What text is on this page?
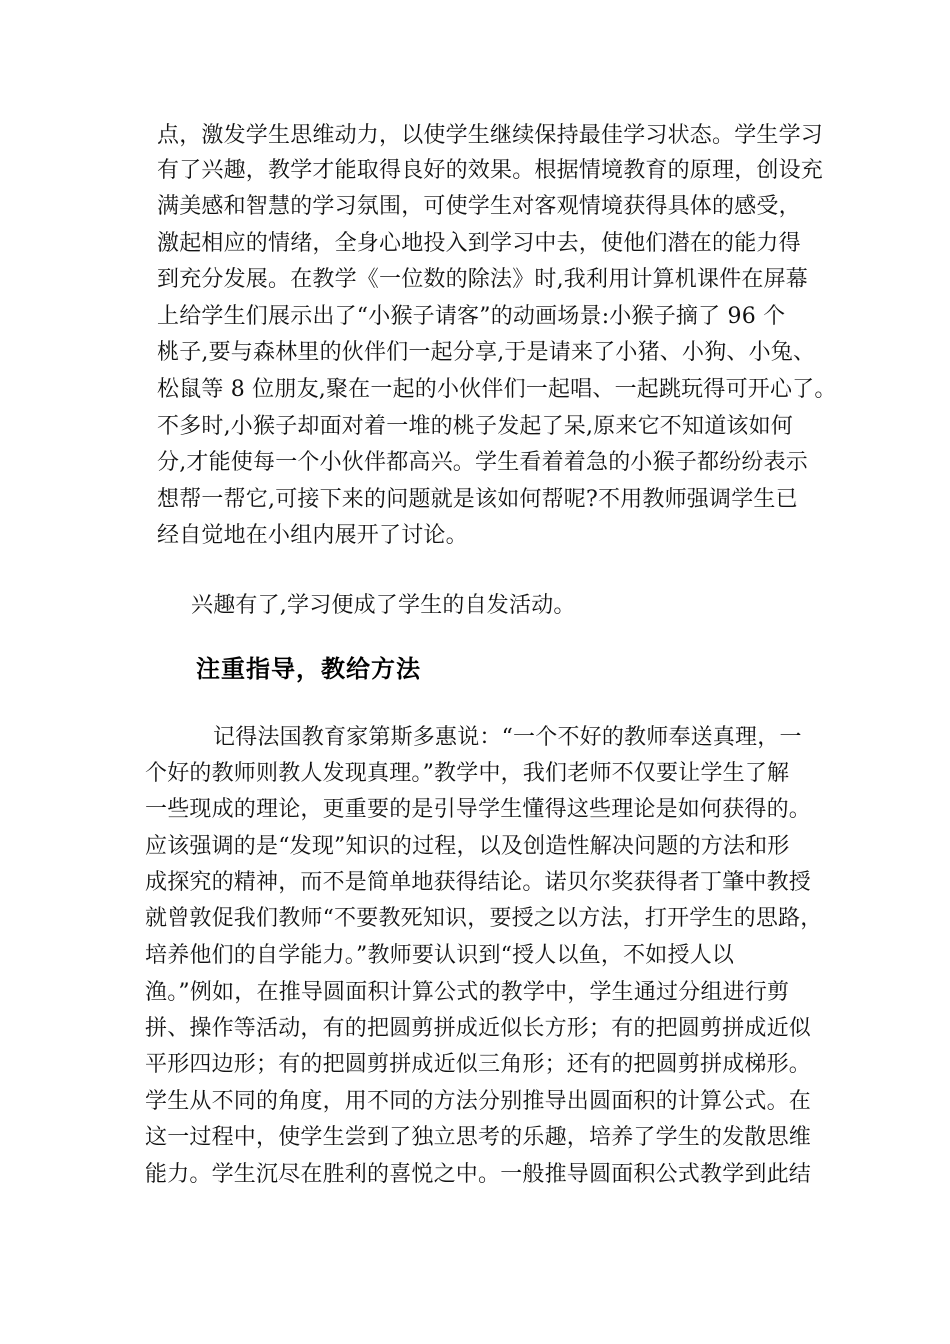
点，激发学生思维动力，以使学生继续保持最佳学习状态。学生学习
有了兴趣，教学才能取得良好的效果。根据情境教育的原理，创设充
满美感和智慧的学习氛围，可使学生对客观情境获得具体的感受，
激起相应的情绪，全身心地投入到学习中去，使他们潜在的能力得
到充分发展。在教学《一位数的除法》时,我利用计算机课件在屏幕
上给学生们展示出了“小猴子请客”的动画场景:小猴子摘了 96 个
桃子,要与森林里的伙伴们一起分享,于是请来了小猪、小狗、小兔、
松鼠等 8 位朋友,聚在一起的小伙伴们一起唱、一起跳玩得可开心了。
不多时,小猴子却面对着一堆的桃子发起了呆,原来它不知道该如何
分,才能使每一个小伙伴都高兴。学生看着着急的小猴子都纷纷表示
想帮一帮它,可接下来的问题就是该如何帮呢?不用教师强调学生已
经自觉地在小组内展开了讨论。
兴趣有了,学习便成了学生的自发活动。
注重指导，教给方法
记得法国教育家第斯多惠说：“一个不好的教师奉送真理，一
个好的教师则教人发现真理。”教学中，我们老师不仅要让学生了解
一些现成的理论，更重要的是引导学生懂得这些理论是如何获得的。
应该强调的是“发现”知识的过程，以及创造性解决问题的方法和形
成探究的精神，而不是简单地获得结论。诺贝尔奖获得者丁肇中教授
就曾敦促我们教师“不要教死知识，要授之以方法，打开学生的思路，
培养他们的自学能力。”教师要认识到“授人以鱼，不如授人以
渔。”例如，在推导圆面积计算公式的教学中，学生通过分组进行剪
拼、操作等活动，有的把圆剪拼成近似长方形；有的把圆剪拼成近似
平形四边形；有的把圆剪拼成近似三角形；还有的把圆剪拼成梯形。
学生从不同的角度，用不同的方法分别推导出圆面积的计算公式。在
这一过程中，使学生尝到了独立思考的乐趣，培养了学生的发散思维
能力。学生沉尽在胜利的喜悦之中。一般推导圆面积公式教学到此结
